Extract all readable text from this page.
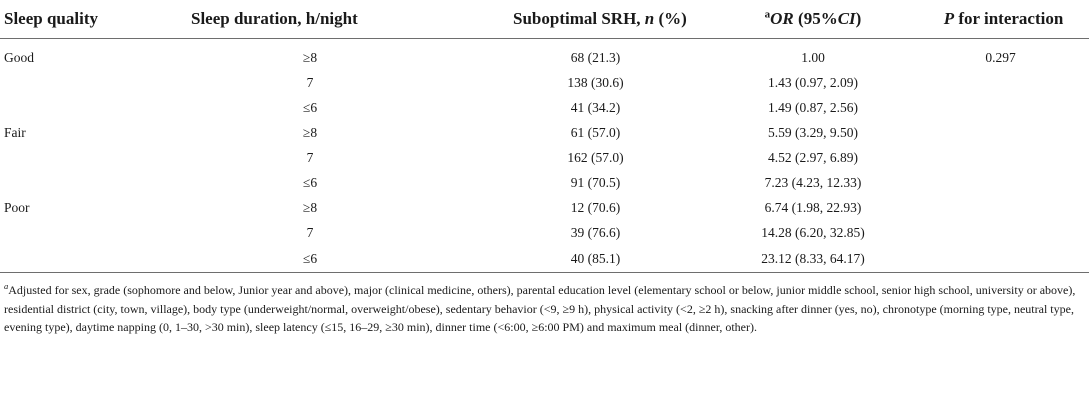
Sleep quality	Sleep duration, h/night	Suboptimal SRH, n (%)	$^a$OR (95%CI)	P for interaction
Good	≥8	68 (21.3)	1.00	0.297
	7	138 (30.6)	1.43 (0.97, 2.09)	
	≤6	41 (34.2)	1.49 (0.87, 2.56)	
Fair	≥8	61 (57.0)	5.59 (3.29, 9.50)	
	7	162 (57.0)	4.52 (2.97, 6.89)	
	≤6	91 (70.5)	7.23 (4.23, 12.33)	
Poor	≥8	12 (70.6)	6.74 (1.98, 22.93)	
	7	39 (76.6)	14.28 (6.20, 32.85)	
	≤6	40 (85.1)	23.12 (8.33, 64.17)	
$^a$Adjusted for sex, grade (sophomore and below, Junior year and above), major (clinical medicine, others), parental education level (elementary school or below, junior middle school, senior high school, university or above), residential district (city, town, village), body type (underweight/normal, overweight/obese), sedentary behavior (<9, ≥9 h), physical activity (<2, ≥2 h), snacking after dinner (yes, no), chronotype (morning type, neutral type, evening type), daytime napping (0, 1–30, >30 min), sleep latency (≤15, 16–29, ≥30 min), dinner time (<6:00, ≥6:00 PM) and maximum meal (dinner, other).
